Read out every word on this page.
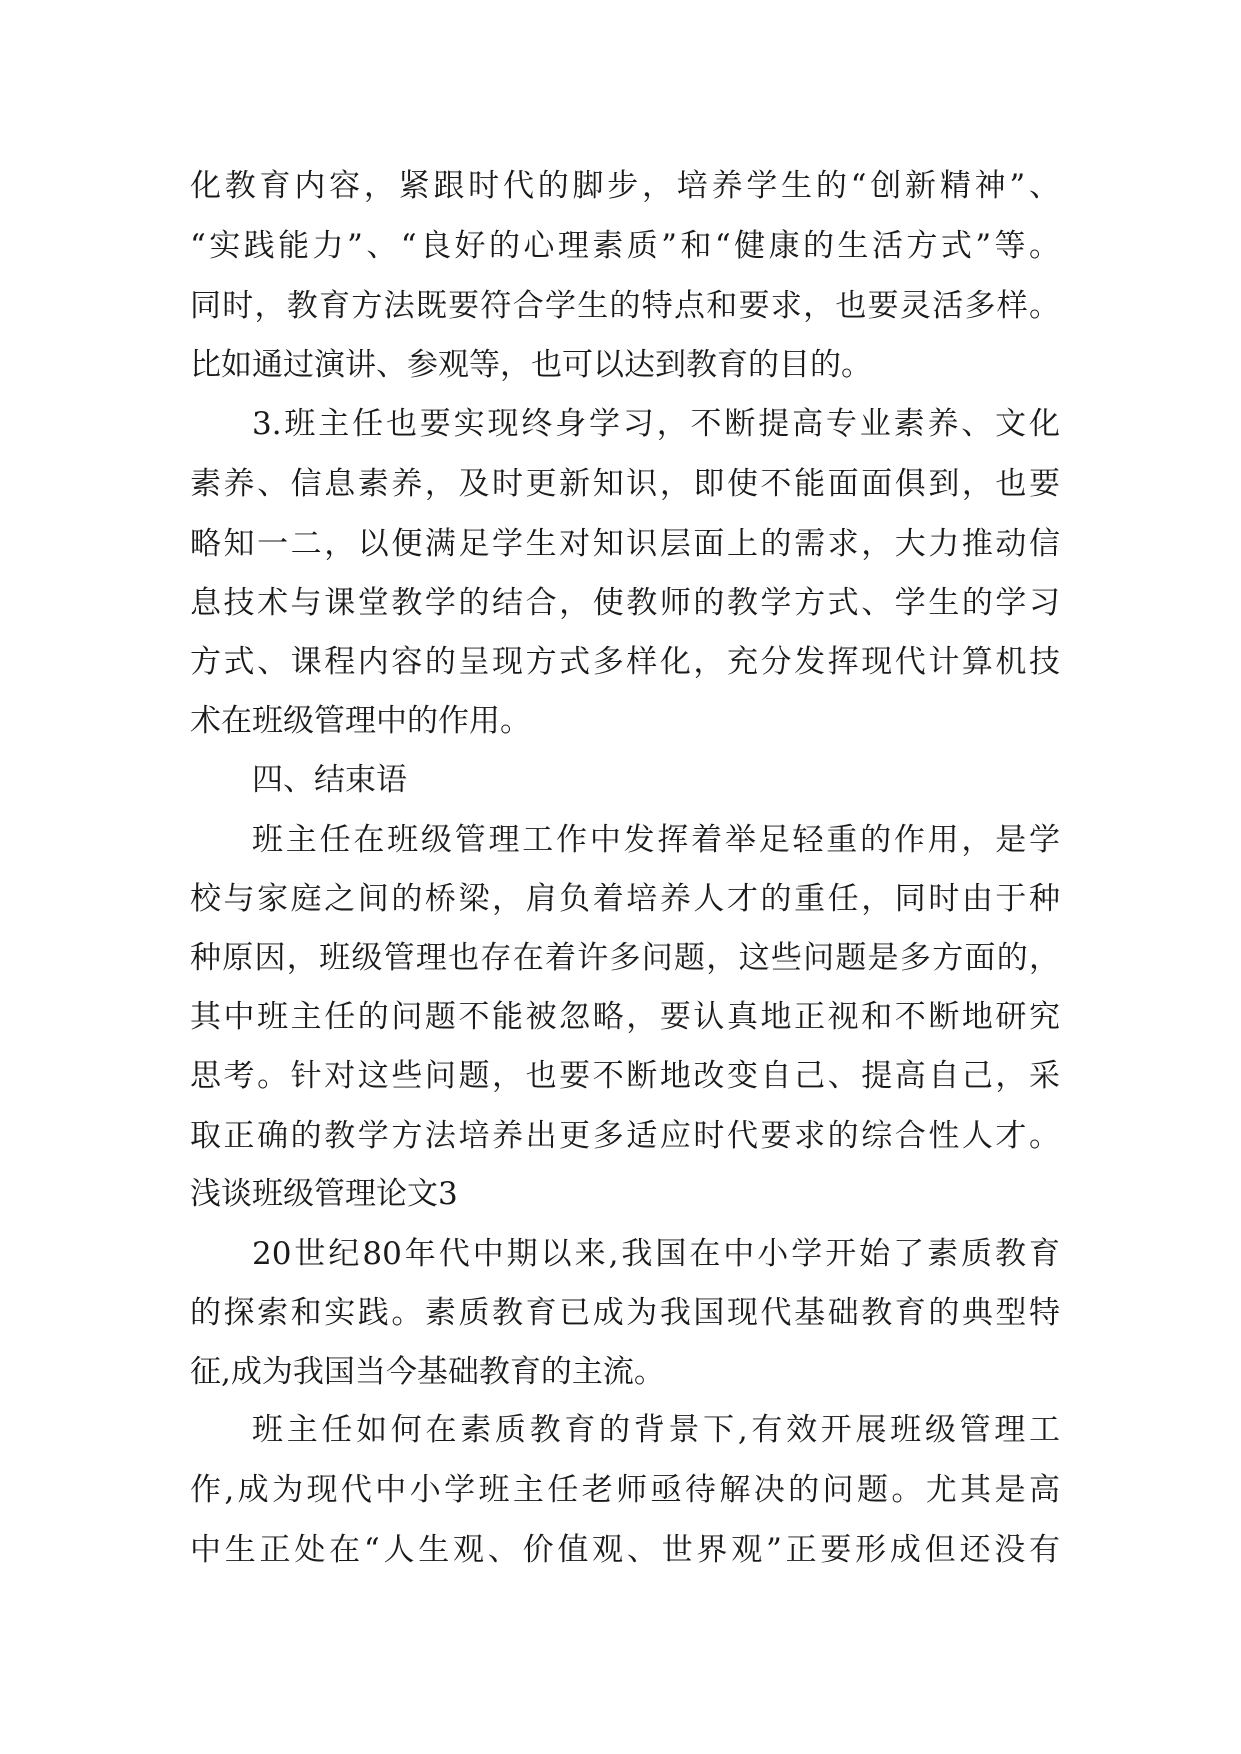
化教育内容，紧跟时代的脚步，培养学生的“创新精神”、
“实践能力”、“良好的心理素质”和“健康的生活方式”等。
同时，教育方法既要符合学生的特点和要求，也要灵活多样。
比如通过演讲、参观等，也可以达到教育的目的。
3.班主任也要实现终身学习，不断提高专业素养、文化
素养、信息素养，及时更新知识，即使不能面面俱到，也要
略知一二，以便满足学生对知识层面上的需求，大力推动信
息技术与课堂教学的结合，使教师的教学方式、学生的学习
方式、课程内容的呈现方式多样化，充分发挥现代计算机技
术在班级管理中的作用。
四、结束语
班主任在班级管理工作中发挥着举足轻重的作用，是学
校与家庭之间的桥梁，肩负着培养人才的重任，同时由于种
种原因，班级管理也存在着许多问题，这些问题是多方面的，
其中班主任的问题不能被忽略，要认真地正视和不断地研究
思考。针对这些问题，也要不断地改变自己、提高自己，采
取正确的教学方法培养出更多适应时代要求的综合性人才。
浅谈班级管理论文3
20世纪80年代中期以来,我国在中小学开始了素质教育
的探索和实践。素质教育已成为我国现代基础教育的典型特
征,成为我国当今基础教育的主流。
班主任如何在素质教育的背景下,有效开展班级管理工
作,成为现代中小学班主任老师亟待解决的问题。尤其是高
中生正处在“人生观、价值观、世界观”正要形成但还没有
